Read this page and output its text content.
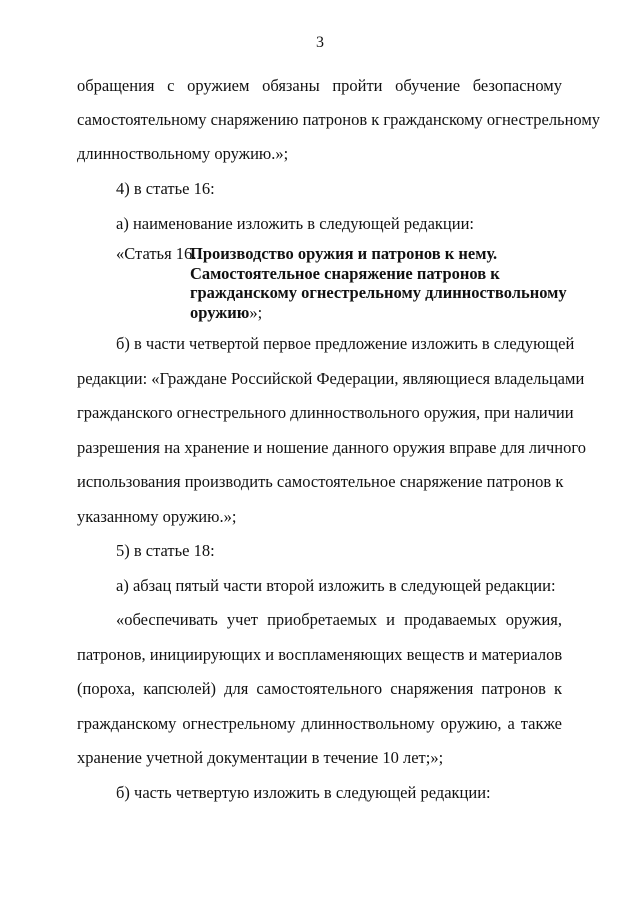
3

обращения с оружием обязаны пройти обучение безопасному

самостоятельному снаряжению патронов к гражданскому огнестрельному

длинноствольному оружию.»;

4) в статье 16:

а) наименование изложить в следующей редакции:

«Статья 16.
Производство оружия и патронов к нему.
Самостоятельное снаряжение патронов к
гражданскому огнестрельному длинноствольному
оружию»;

б) в части четвертой первое предложение изложить в следующей

редакции: «Граждане Российской Федерации, являющиеся владельцами

гражданского огнестрельного длинноствольного оружия, при наличии

разрешения на хранение и ношение данного оружия вправе для личного

использования производить самостоятельное снаряжение патронов к

указанному оружию.»;

5) в статье 18:

а) абзац пятый части второй изложить в следующей редакции:

«обеспечивать учет приобретаемых и продаваемых оружия,

патронов, инициирующих и воспламеняющих веществ и материалов

(пороха, капсюлей) для самостоятельного снаряжения патронов к

гражданскому огнестрельному длинноствольному оружию, а также

хранение учетной документации в течение 10 лет;»;

б) часть четвертую изложить в следующей редакции:
